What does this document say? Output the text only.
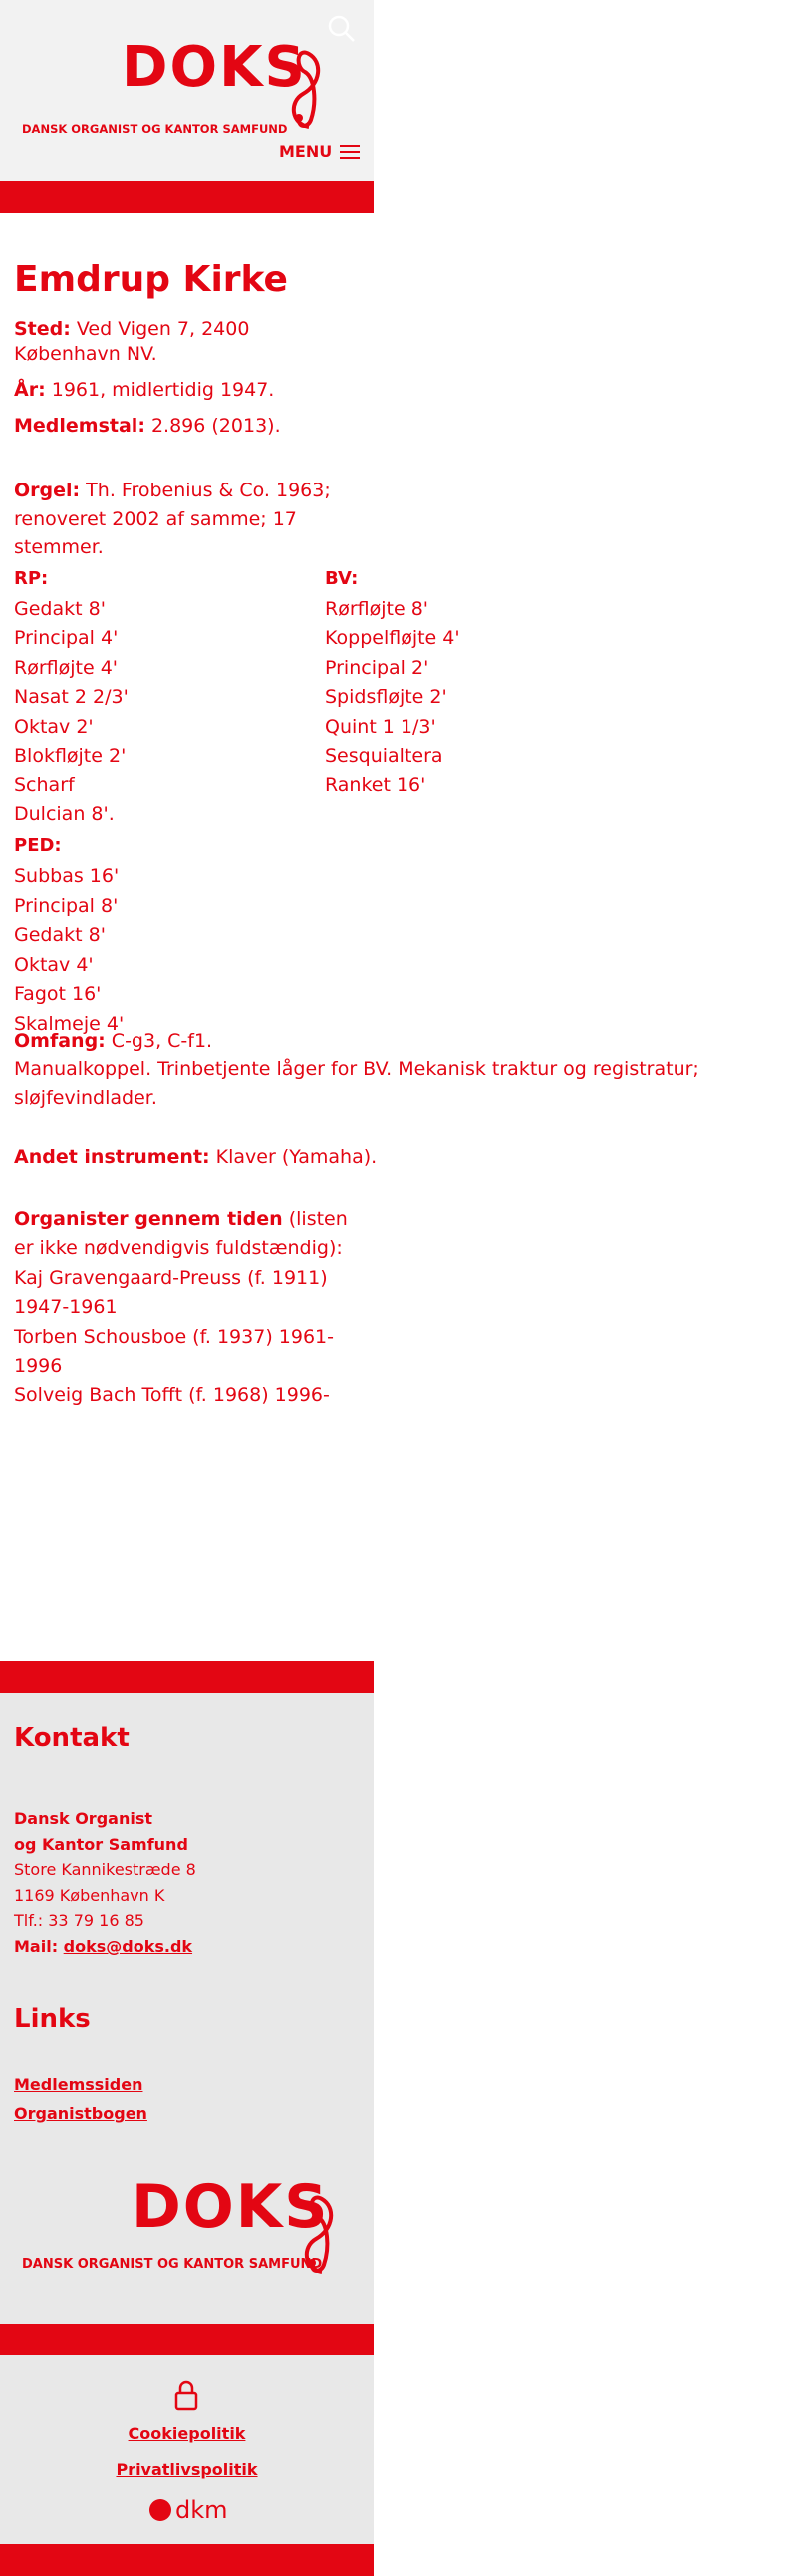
DOKS
DANSK ORGANIST OG KANTOR SAMFUND
MENU
Emdrup Kirke

Sted: Ved Vigen 7, 2400 København NV.

År: 1961, midlertidig 1947.

Medlemstal: 2.896 (2013).

Orgel: Th. Frobenius & Co. 1963; renoveret 2002 af samme; 17 stemmer.

RP:
Gedakt 8'
Principal 4'
Rørfløjte 4'
Nasat 2 2/3'
Oktav 2'
Blokfløjte 2'
Scharf
Dulcian 8'.
PED:
Subbas 16'
Principal 8'
Gedakt 8'
Oktav 4'
Fagot 16'
Skalmeje 4'
BV:
Rørfløjte 8'
Koppelfløjte 4'
Principal 2'
Spidsfløjte 2'
Quint 1 1/3'
Sesquialtera
Ranket 16'

Omfang: C-g3, C-f1.

Manualkoppel. Trinbetjente låger for BV. Mekanisk traktur og registratur; sløjfevindlader.

Andet instrument: Klaver (Yamaha).

Organister gennem tiden (listen er ikke nødvendigvis fuldstændig):
Kaj Gravengaard-Preuss (f. 1911) 1947-1961
Torben Schousboe (f. 1937) 1961-1996
Solveig Bach Tofft (f. 1968) 1996-
Kontakt
Dansk Organist
og Kantor Samfund
Store Kannikestræde 8
1169 København K
Tlf.: 33 79 16 85
Mail: doks@doks.dk
Links
Medlemssiden
Organistbogen
DOKS
DANSK ORGANIST OG KANTOR SAMFUND
Cookiepolitik
Privatlivspolitik
dkm
